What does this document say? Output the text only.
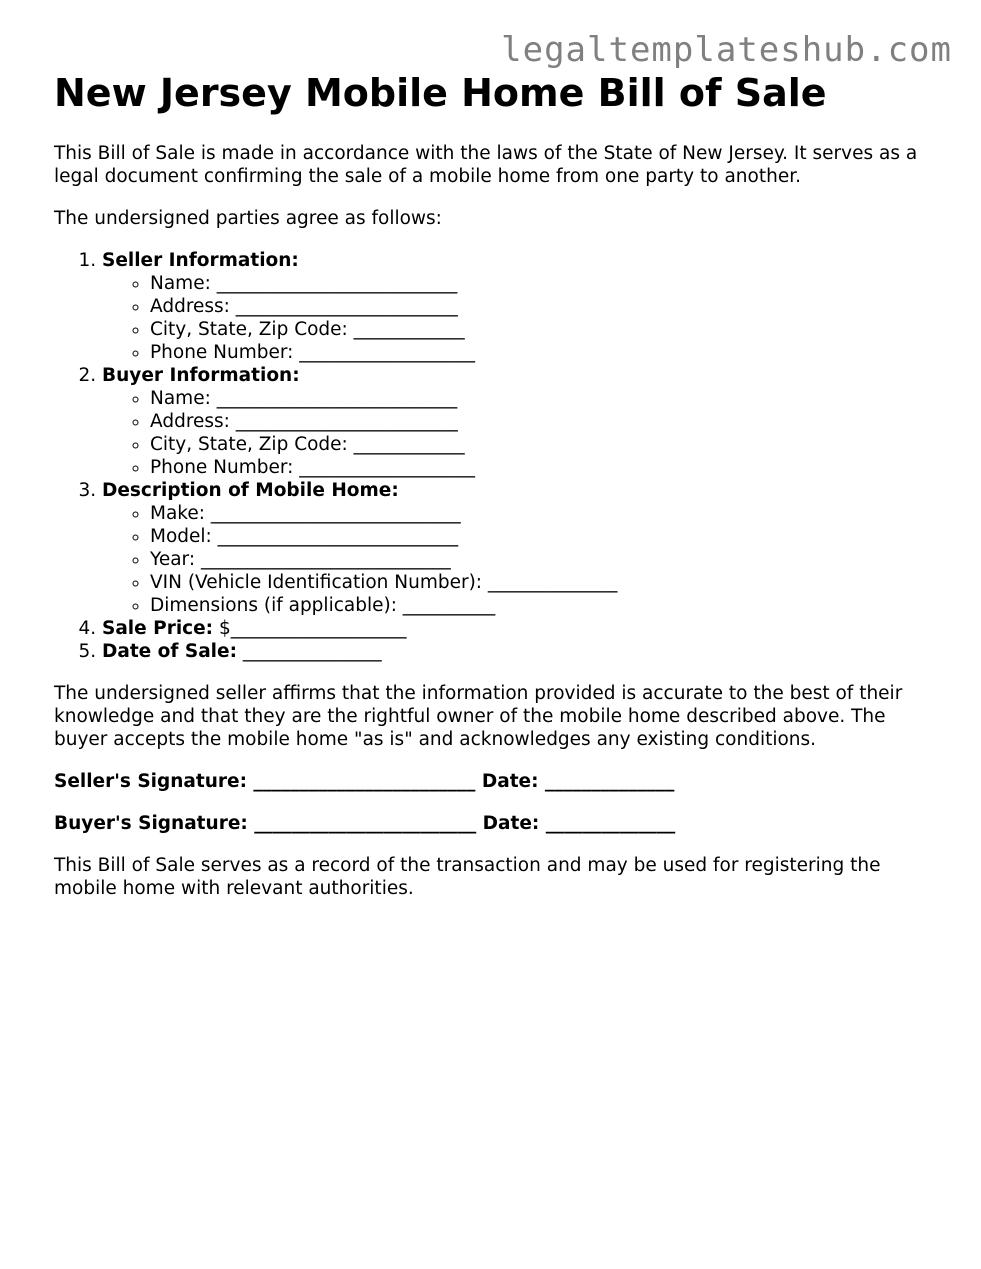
legaltemplateshub.com
New Jersey Mobile Home Bill of Sale

This Bill of Sale is made in accordance with the laws of the State of New Jersey. It serves as a legal document confirming the sale of a mobile home from one party to another.

The undersigned parties agree as follows:

1. Seller Information:
◦ Name: __________________________
◦ Address: ________________________
◦ City, State, Zip Code: ____________
◦ Phone Number: ___________________
2. Buyer Information:
◦ Name: __________________________
◦ Address: ________________________
◦ City, State, Zip Code: ____________
◦ Phone Number: ___________________
3. Description of Mobile Home:
◦ Make: ___________________________
◦ Model: __________________________
◦ Year: ___________________________
◦ VIN (Vehicle Identification Number): ______________
◦ Dimensions (if applicable): __________
4. Sale Price: $___________________
5. Date of Sale: _______________

The undersigned seller affirms that the information provided is accurate to the best of their knowledge and that they are the rightful owner of the mobile home described above. The buyer accepts the mobile home "as is" and acknowledges any existing conditions.

Seller's Signature: ________________________ Date: ______________

Buyer's Signature: ________________________ Date: ______________

This Bill of Sale serves as a record of the transaction and may be used for registering the mobile home with relevant authorities.
